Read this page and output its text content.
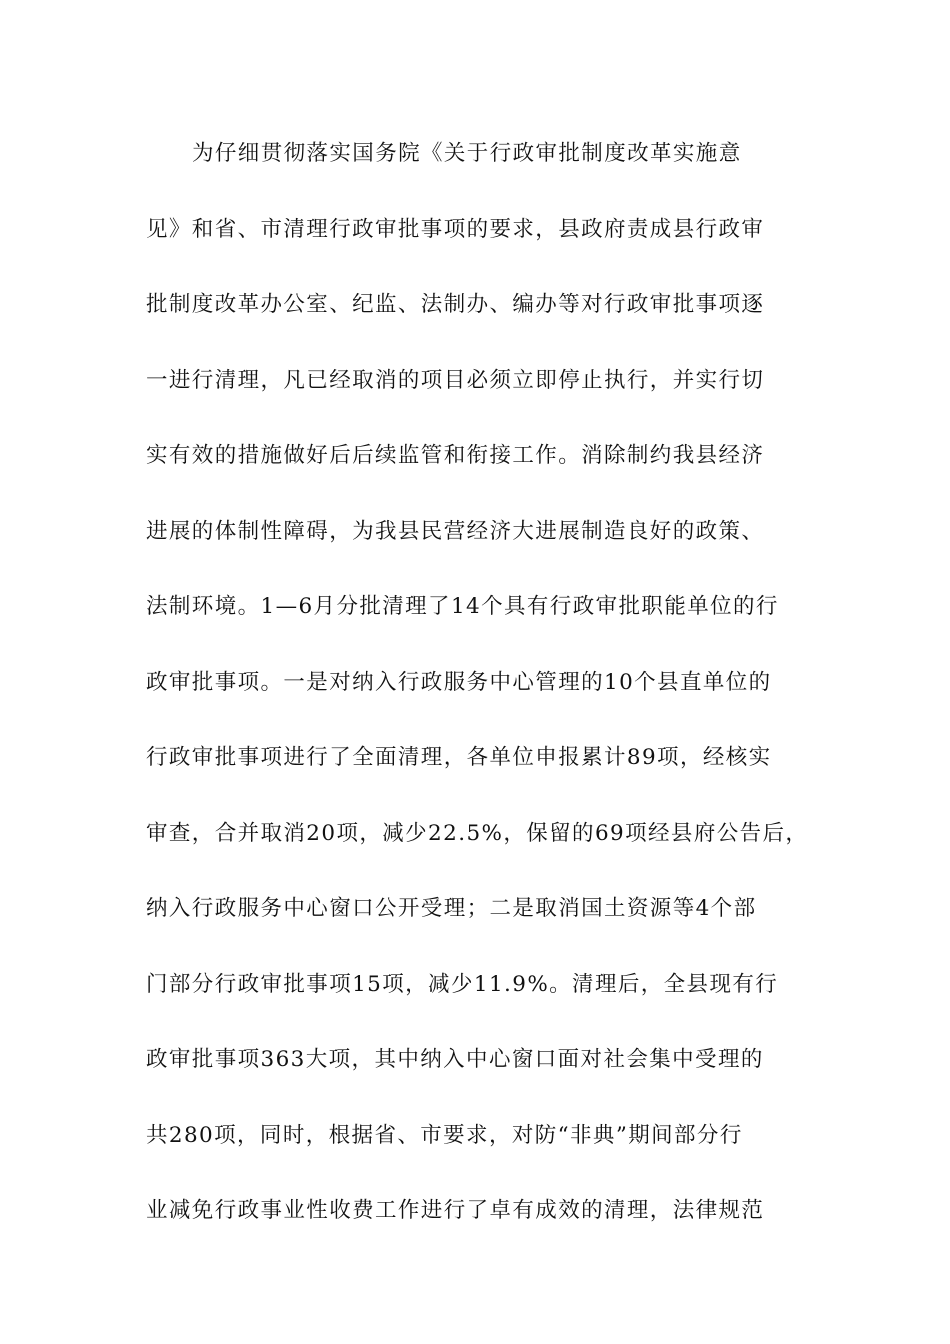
为仔细贯彻落实国务院《关于行政审批制度改革实施意
见》和省、市清理行政审批事项的要求，县政府责成县行政审
批制度改革办公室、纪监、法制办、编办等对行政审批事项逐
一进行清理，凡已经取消的项目必须立即停止执行，并实行切
实有效的措施做好后后续监管和衔接工作。消除制约我县经济
进展的体制性障碍，为我县民营经济大进展制造良好的政策、
法制环境。1—6月分批清理了14个具有行政审批职能单位的行
政审批事项。一是对纳入行政服务中心管理的10个县直单位的
行政审批事项进行了全面清理，各单位申报累计89项，经核实
审查，合并取消20项，减少22.5%，保留的69项经县府公告后，
纳入行政服务中心窗口公开受理；二是取消国土资源等4个部
门部分行政审批事项15项，减少11.9%。清理后，全县现有行
政审批事项363大项，其中纳入中心窗口面对社会集中受理的
共280项，同时，根据省、市要求，对防“非典”期间部分行
业减免行政事业性收费工作进行了卓有成效的清理，法律规范
